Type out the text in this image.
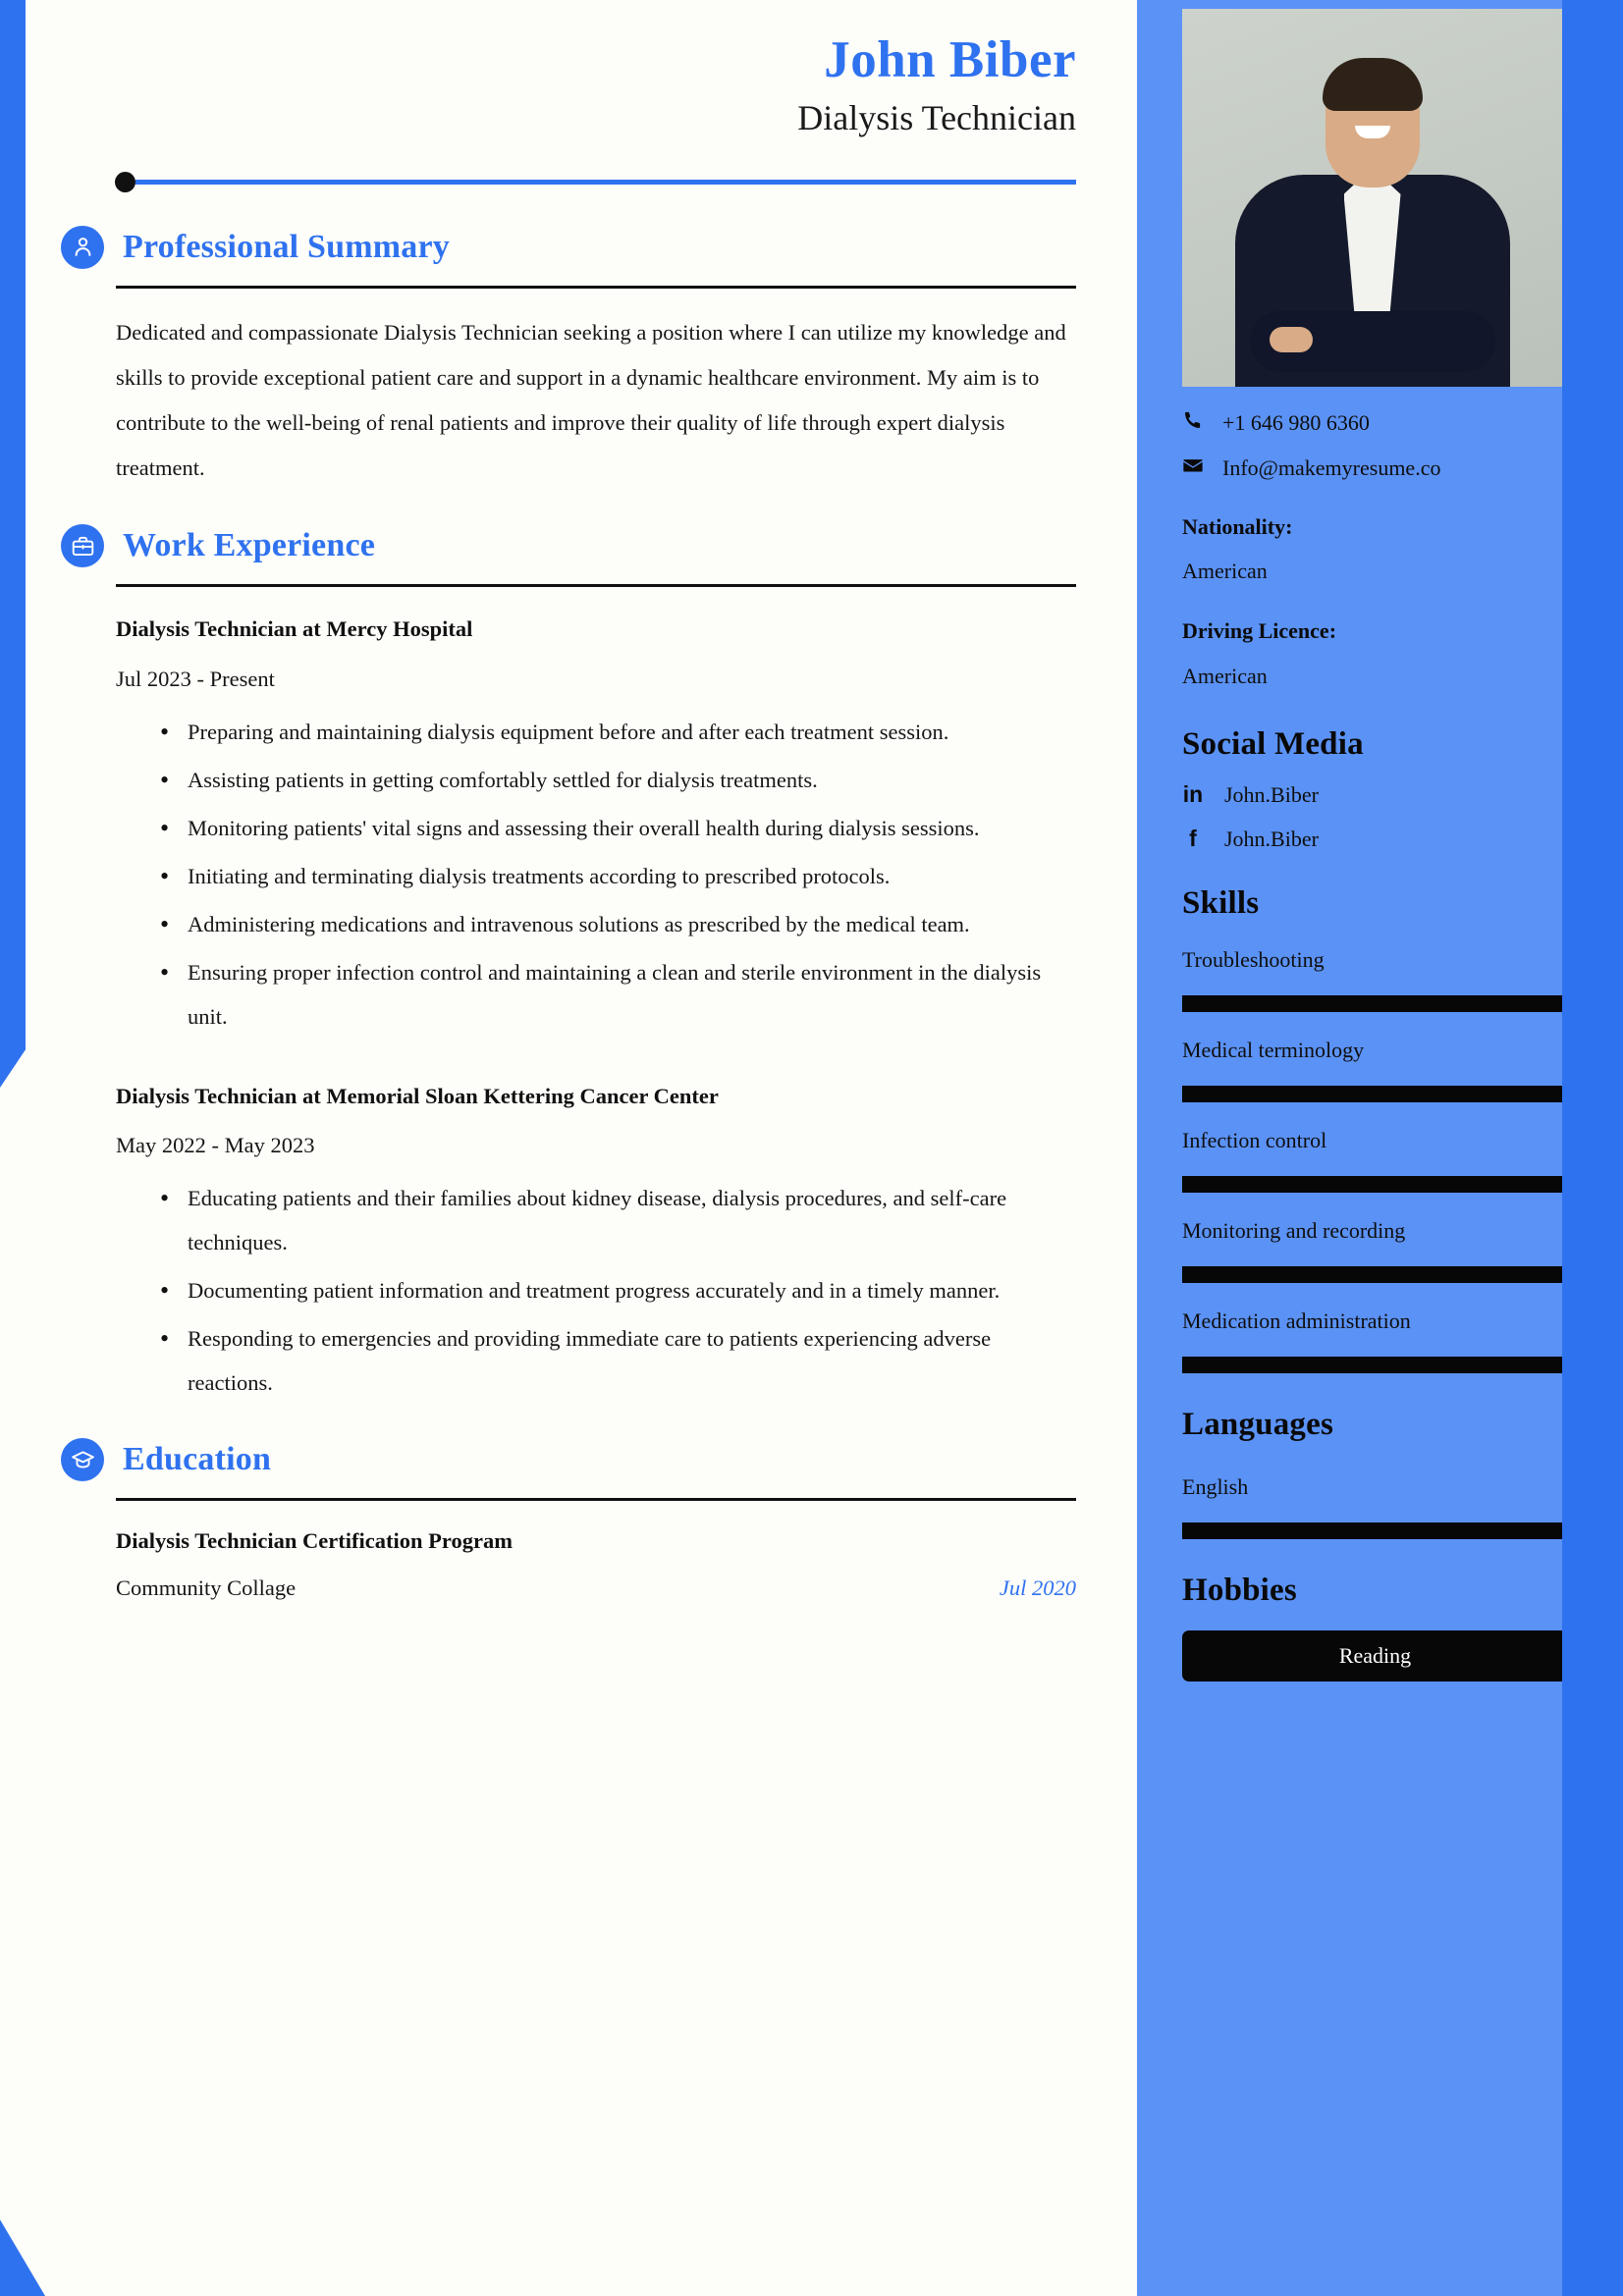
John Biber
Dialysis Technician
Professional Summary

Dedicated and compassionate Dialysis Technician seeking a position where I can utilize my knowledge and skills to provide exceptional patient care and support in a dynamic healthcare environment. My aim is to contribute to the well-being of renal patients and improve their quality of life through expert dialysis treatment.

Work Experience
Dialysis Technician at Mercy Hospital
Jul 2023 - Present
• Preparing and maintaining dialysis equipment before and after each treatment session.
• Assisting patients in getting comfortably settled for dialysis treatments.
• Monitoring patients' vital signs and assessing their overall health during dialysis sessions.
• Initiating and terminating dialysis treatments according to prescribed protocols.
• Administering medications and intravenous solutions as prescribed by the medical team.
• Ensuring proper infection control and maintaining a clean and sterile environment in the dialysis unit.
Dialysis Technician at Memorial Sloan Kettering Cancer Center
May 2022 - May 2023
• Educating patients and their families about kidney disease, dialysis procedures, and self-care techniques.
• Documenting patient information and treatment progress accurately and in a timely manner.
• Responding to emergencies and providing immediate care to patients experiencing adverse reactions.
Education
Dialysis Technician Certification Program
Community Collage	Jul 2020
+1 646 980 6360
Info@makemyresume.co
Nationality:
American
Driving Licence:
American
Social Media
in John.Biber
f	John.Biber
Skills
Troubleshooting
Medical terminology
Infection control
Monitoring and recording
Medication administration
Languages
English
Hobbies
Reading
